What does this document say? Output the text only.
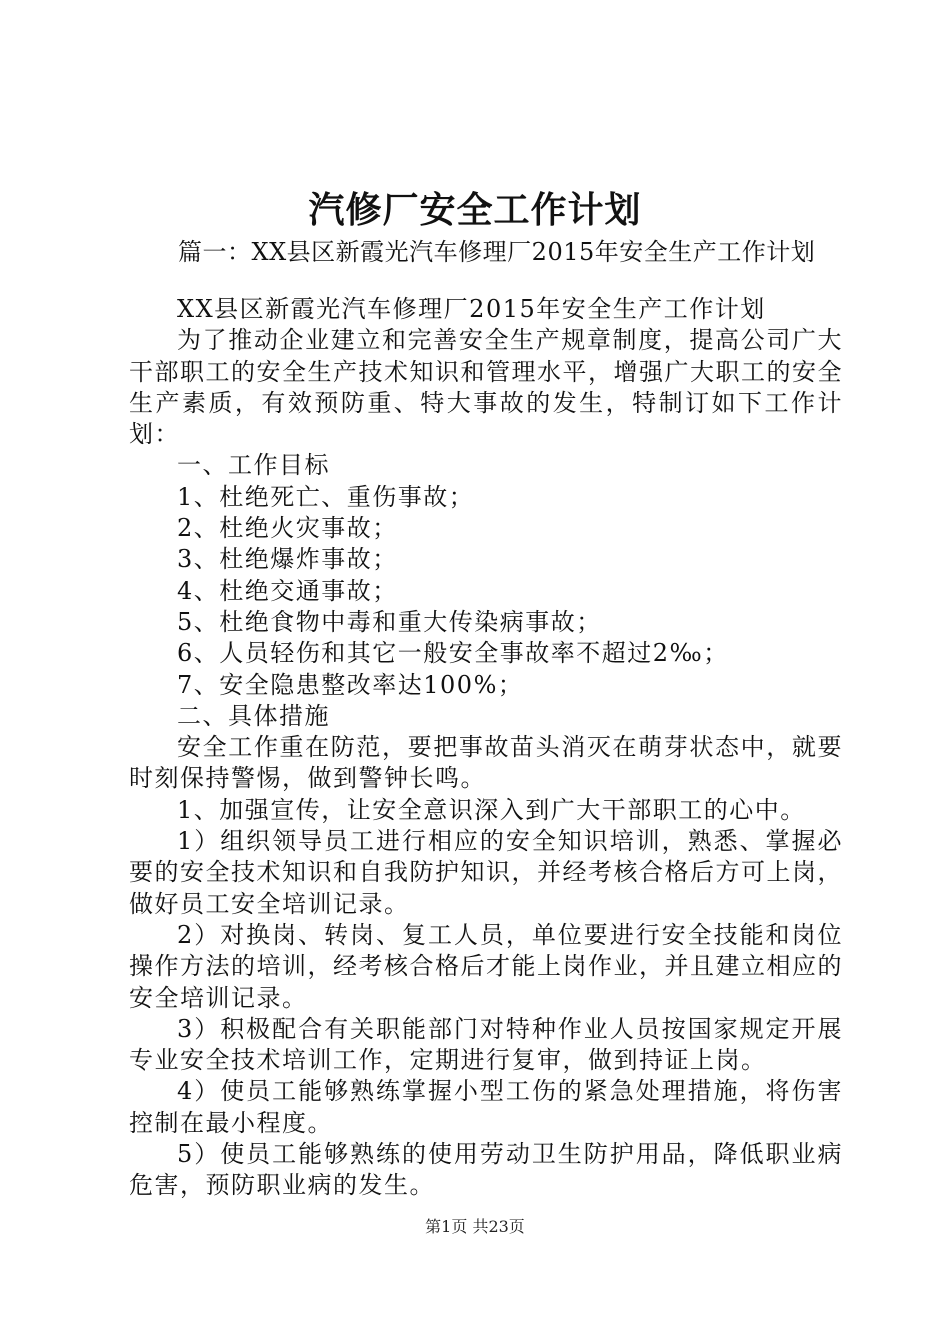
汽修厂安全工作计划

篇一：XX县区新霞光汽车修理厂2015年安全生产工作计划

XX县区新霞光汽车修理厂2015年安全生产工作计划

为了推动企业建立和完善安全生产规章制度，提高公司广大干部职工的安全生产技术知识和管理水平，增强广大职工的安全生产素质，有效预防重、特大事故的发生，特制订如下工作计划：

一、工作目标

1、杜绝死亡、重伤事故；

2、杜绝火灾事故；

3、杜绝爆炸事故；

4、杜绝交通事故；

5、杜绝食物中毒和重大传染病事故；

6、人员轻伤和其它一般安全事故率不超过2‰；

7、安全隐患整改率达100%；

二、具体措施

安全工作重在防范，要把事故苗头消灭在萌芽状态中，就要时刻保持警惕，做到警钟长鸣。

1、加强宣传，让安全意识深入到广大干部职工的心中。

1）组织领导员工进行相应的安全知识培训，熟悉、掌握必要的安全技术知识和自我防护知识，并经考核合格后方可上岗，做好员工安全培训记录。

2）对换岗、转岗、复工人员，单位要进行安全技能和岗位操作方法的培训，经考核合格后才能上岗作业，并且建立相应的安全培训记录。

3）积极配合有关职能部门对特种作业人员按国家规定开展专业安全技术培训工作，定期进行复审，做到持证上岗。

4）使员工能够熟练掌握小型工伤的紧急处理措施，将伤害控制在最小程度。

5）使员工能够熟练的使用劳动卫生防护用品，降低职业病危害，预防职业病的发生。

第1页 共23页
